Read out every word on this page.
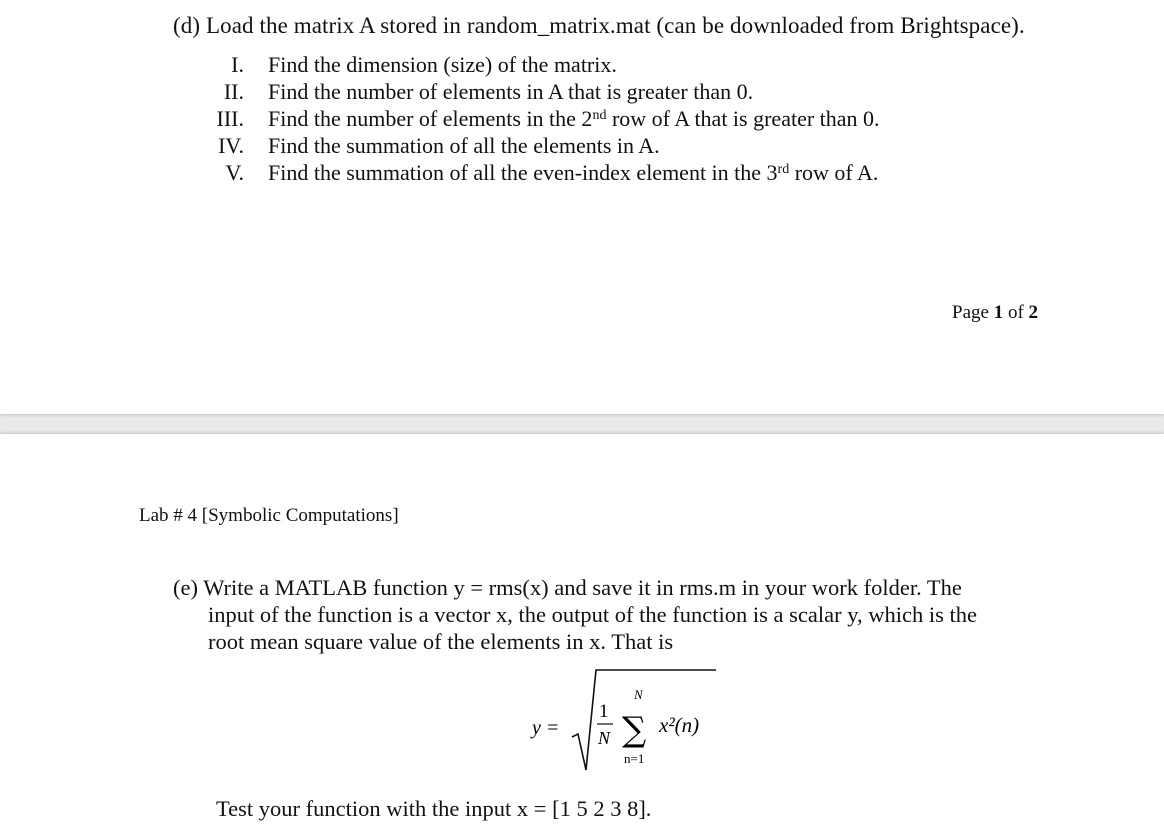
(d) Load the matrix A stored in random_matrix.mat (can be downloaded from Brightspace).
I. Find the dimension (size) of the matrix.
II. Find the number of elements in A that is greater than 0.
III. Find the number of elements in the 2nd row of A that is greater than 0.
IV. Find the summation of all the elements in A.
V. Find the summation of all the even-index element in the 3rd row of A.
Page 1 of 2
Lab # 4 [Symbolic Computations]
(e) Write a MATLAB function y = rms(x) and save it in rms.m in your work folder. The
input of the function is a vector x, the output of the function is a scalar y, which is the
root mean square value of the elements in x. That is
y =
1
N
N
∑
n=1
x²(n)
Test your function with the input x = [1 5 2 3 8].
